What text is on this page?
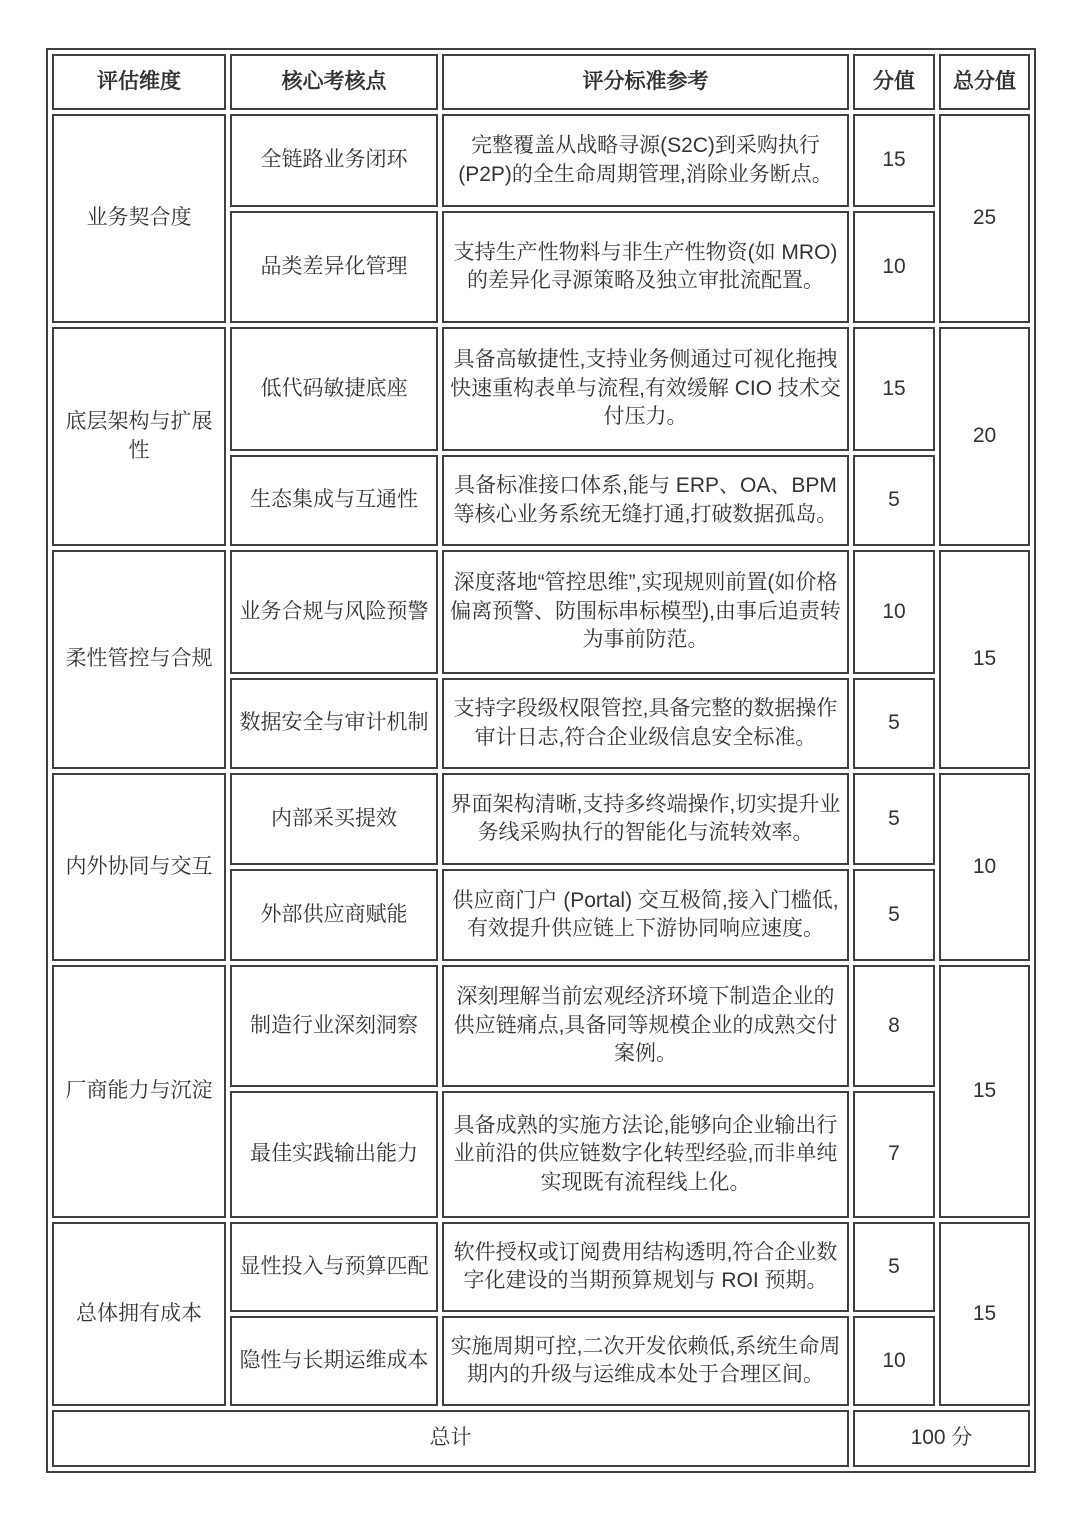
评估维度	核心考核点	评分标准参考	分值	总分值
业务契合度	全链路业务闭环	完整覆盖从战略寻源(S2C)到采购执行(P2P)的全生命周期管理,消除业务断点。	15	25
	品类差异化管理	支持生产性物料与非生产性物资(如 MRO)的差异化寻源策略及独立审批流配置。	10	
底层架构与扩展性	低代码敏捷底座	具备高敏捷性,支持业务侧通过可视化拖拽快速重构表单与流程,有效缓解 CIO 技术交付压力。	15	20
	生态集成与互通性	具备标准接口体系,能与 ERP、OA、BPM 等核心业务系统无缝打通,打破数据孤岛。	5	
柔性管控与合规	业务合规与风险预警	深度落地“管控思维”,实现规则前置(如价格偏离预警、防围标串标模型),由事后追责转为事前防范。	10	15
	数据安全与审计机制	支持字段级权限管控,具备完整的数据操作审计日志,符合企业级信息安全标准。	5	
内外协同与交互	内部采买提效	界面架构清晰,支持多终端操作,切实提升业务线采购执行的智能化与流转效率。	5	10
	外部供应商赋能	供应商门户 (Portal) 交互极简,接入门槛低,有效提升供应链上下游协同响应速度。	5	
厂商能力与沉淀	制造行业深刻洞察	深刻理解当前宏观经济环境下制造企业的供应链痛点,具备同等规模企业的成熟交付案例。	8	15
	最佳实践输出能力	具备成熟的实施方法论,能够向企业输出行业前沿的供应链数字化转型经验,而非单纯实现既有流程线上化。	7	
总体拥有成本	显性投入与预算匹配	软件授权或订阅费用结构透明,符合企业数字化建设的当期预算规划与 ROI 预期。	5	15
	隐性与长期运维成本	实施周期可控,二次开发依赖低,系统生命周期内的升级与运维成本处于合理区间。	10	
总计			100 分	
